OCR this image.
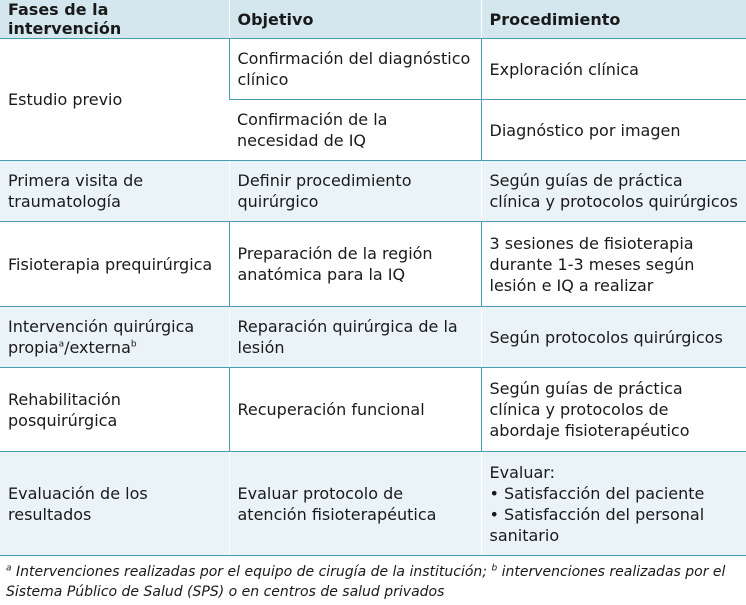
Fases de la intervención	Objetivo	Procedimiento
Estudio previo	Confirmación del diagnóstico clínico	Exploración clínica
	Confirmación de la necesidad de IQ	Diagnóstico por imagen
Primera visita de traumatología	Definir procedimiento quirúrgico	Según guías de práctica clínica y protocolos quirúrgicos
Fisioterapia prequirúrgica	Preparación de la región anatómica para la IQ	3 sesiones de fisioterapia durante 1-3 meses según lesión e IQ a realizar
Intervención quirúrgica propia$^a$/externa$^b$	Reparación quirúrgica de la lesión	Según protocolos quirúrgicos
Rehabilitación posquirúrgica	Recuperación funcional	Según guías de práctica clínica y protocolos de abordaje fisioterapéutico
Evaluación de los resultados	Evaluar protocolo de atención fisioterapéutica	Evaluar:
• Satisfacción del paciente
• Satisfacción del personal sanitario
$^a$ Intervenciones realizadas por el equipo de cirugía de la institución; $^b$ intervenciones realizadas por el Sistema Público de Salud (SPS) o en centros de salud privados
